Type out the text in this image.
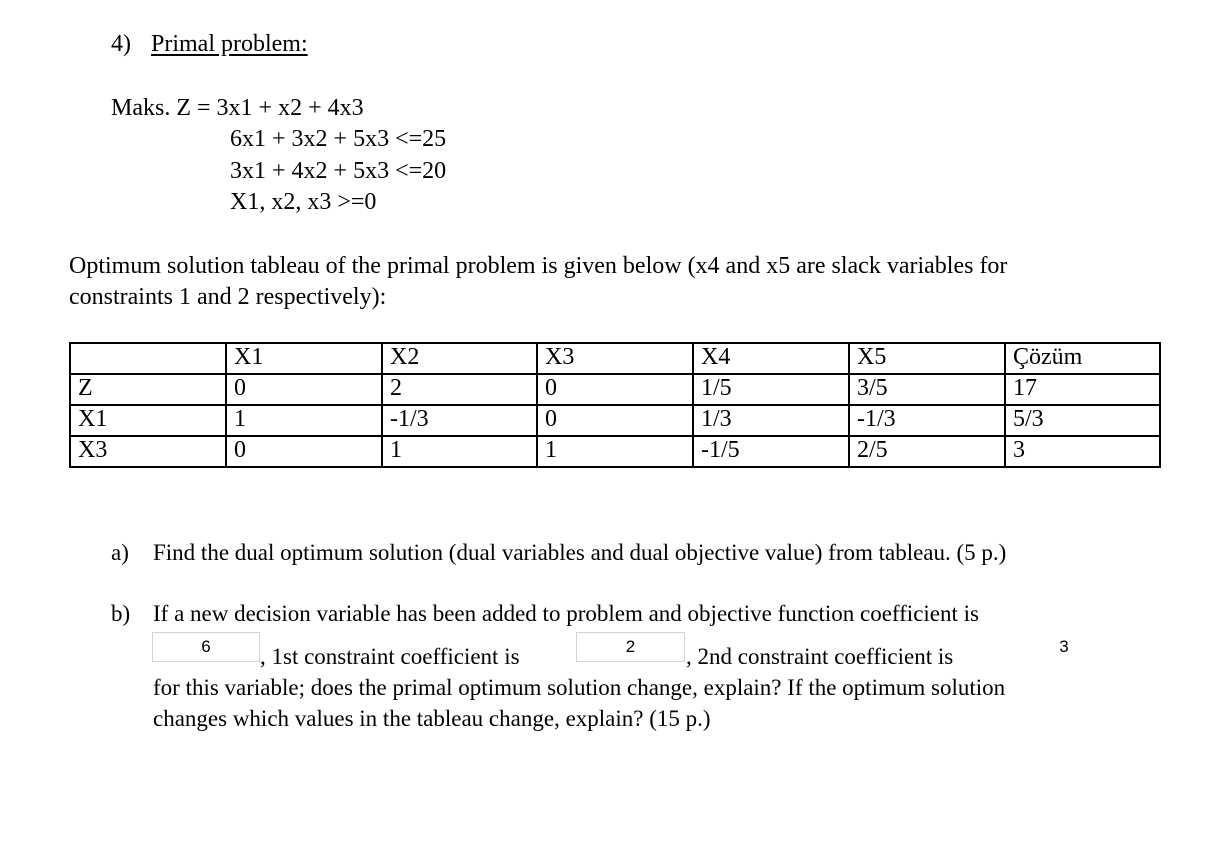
4) Primal problem:
Maks. Z = 3x1 + x2 + 4x3
6x1 + 3x2 + 5x3 <=25
3x1 + 4x2 + 5x3 <=20
X1, x2, x3 >=0
Optimum solution tableau of the primal problem is given below (x4 and x5 are slack variables for
constraints 1 and 2 respectively):
	X1	X2	X3	X4	X5	Çözüm
Z	0	2	0	1/5	3/5	17
X1	1	-1/3	0	1/3	-1/3	5/3
X3	0	1	1	-1/5	2/5	3
a) Find the dual optimum solution (dual variables and dual objective value) from tableau. (5 p.)
b) If a new decision variable has been added to problem and objective function coefficient is
6	, 1st constraint coefficient is	2	, 2nd constraint coefficient is	3
for this variable; does the primal optimum solution change, explain? If the optimum solution
changes which values in the tableau change, explain? (15 p.)
